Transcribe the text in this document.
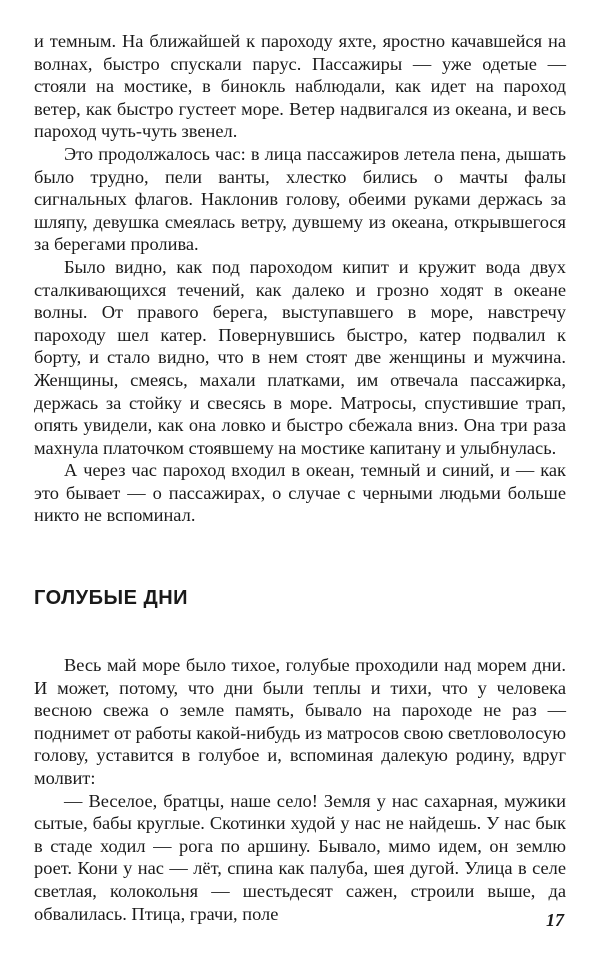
и темным. На ближайшей к пароходу яхте, яростно качавшейся на волнах, быстро спускали парус. Пассажиры — уже одетые — стояли на мостике, в бинокль наблюдали, как идет на пароход ветер, как быстро густеет море. Ветер надвигался из океана, и весь пароход чуть-чуть звенел.

Это продолжалось час: в лица пассажиров летела пена, дышать было трудно, пели ванты, хлестко бились о мачты фалы сигнальных флагов. Наклонив голову, обеими руками держась за шляпу, девушка смеялась ветру, дувшему из океана, открывшегося за берегами пролива.

Было видно, как под пароходом кипит и кружит вода двух сталкивающихся течений, как далеко и грозно ходят в океане волны. От правого берега, выступавшего в море, навстречу пароходу шел катер. Повернувшись быстро, катер подвалил к борту, и стало видно, что в нем стоят две женщины и мужчина. Женщины, смеясь, махали платками, им отвечала пассажирка, держась за стойку и свесясь в море. Матросы, спустившие трап, опять увидели, как она ловко и быстро сбежала вниз. Она три раза махнула платочком стоявшему на мостике капитану и улыбнулась.

А через час пароход входил в океан, темный и синий, и — как это бывает — о пассажирах, о случае с черными людьми больше никто не вспоминал.

ГОЛУБЫЕ ДНИ

Весь май море было тихое, голубые проходили над морем дни. И может, потому, что дни были теплы и тихи, что у человека весною свежа о земле память, бывало на пароходе не раз — поднимет от работы какой-нибудь из матросов свою светловолосую голову, уставится в голубое и, вспоминая далекую родину, вдруг молвит:

— Веселое, братцы, наше село! Земля у нас сахарная, мужики сытые, бабы круглые. Скотинки худой у нас не найдешь. У нас бык в стаде ходил — рога по аршину. Бывало, мимо идем, он землю роет. Кони у нас — лёт, спина как палуба, шея дугой. Улица в селе светлая, колокольня — шестьдесят сажен, строили выше, да обвалилась. Птица, грачи, поле	17
